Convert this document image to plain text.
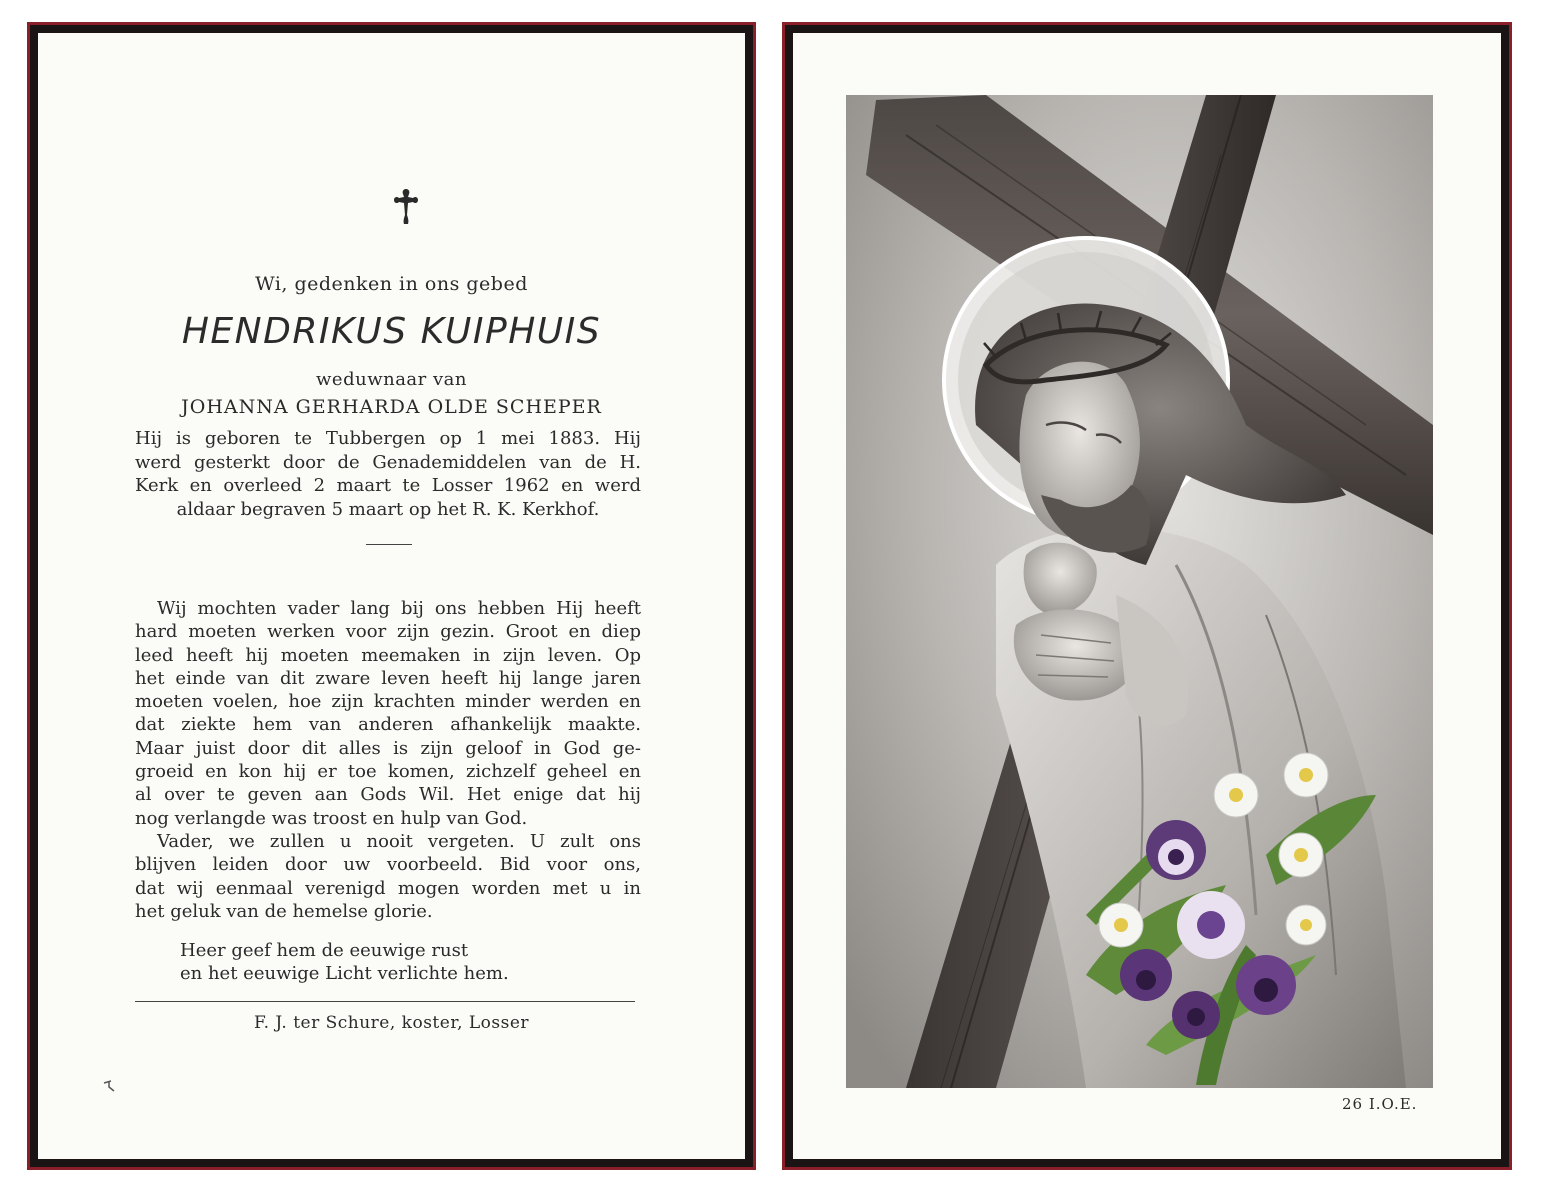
Wi, gedenken in ons gebed
HENDRIKUS KUIPHUIS
weduwnaar van
JOHANNA GERHARDA OLDE SCHEPER
Hij is geboren te Tubbergen op 1 mei 1883. Hij
werd gesterkt door de Genademiddelen van de H.
Kerk en overleed 2 maart te Losser 1962 en werd
aldaar begraven 5 maart op het R. K. Kerkhof.
Wij mochten vader lang bij ons hebben Hij heeft
hard moeten werken voor zijn gezin. Groot en diep
leed heeft hij moeten meemaken in zijn leven. Op
het einde van dit zware leven heeft hij lange jaren
moeten voelen, hoe zijn krachten minder werden en
dat ziekte hem van anderen afhankelijk maakte.
Maar juist door dit alles is zijn geloof in God ge-
groeid en kon hij er toe komen, zichzelf geheel en
al over te geven aan Gods Wil. Het enige dat hij
nog verlangde was troost en hulp van God.
Vader, we zullen u nooit vergeten. U zult ons
blijven leiden door uw voorbeeld. Bid voor ons,
dat wij eenmaal verenigd mogen worden met u in
het geluk van de hemelse glorie.
Heer geef hem de eeuwige rust
en het eeuwige Licht verlichte hem.
F. J. ter Schure, koster, Losser
26 I.O.E.
